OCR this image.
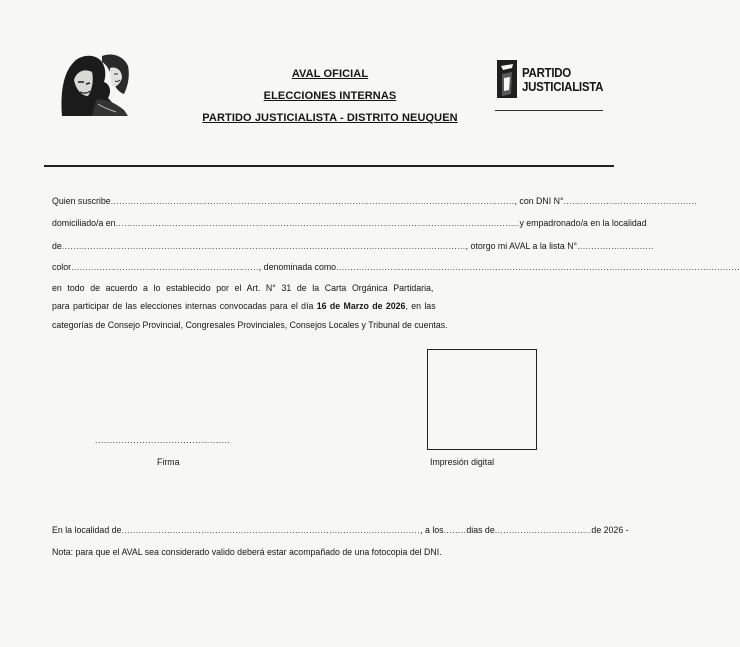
AVAL OFICIAL
ELECCIONES INTERNAS
PARTIDO JUSTICIALISTA - DISTRITO NEUQUEN
PARTIDO
JUSTICIALISTA
Quien suscribe .............................................................................................................................................. , con DNI N° ...............................................
domiciliado/a en .............................................................................................................................................. y empadronado/a en la localidad
de .............................................................................................................................................. , otorgo mi AVAL a la lista N° ...........................
color .................................................................. , denominada como ..............................................................................................................................................
en todo de acuerdo a lo establecido por el Art. N° 31 de la Carta Orgánica Partidaria,
para participar de las elecciones internas convocadas para el día 16 de Marzo de 2026, en las
categorías de Consejo Provincial, Congresales Provinciales, Consejos Locales y Tribunal de cuentas.
..............................................
Firma	Impresión digital
En la localidad de ......................................................................................................... , a los ........ dias de .................................. de 2026 -
Nota: para que el AVAL sea considerado valido deberá estar acompañado de una fotocopia del DNI.
